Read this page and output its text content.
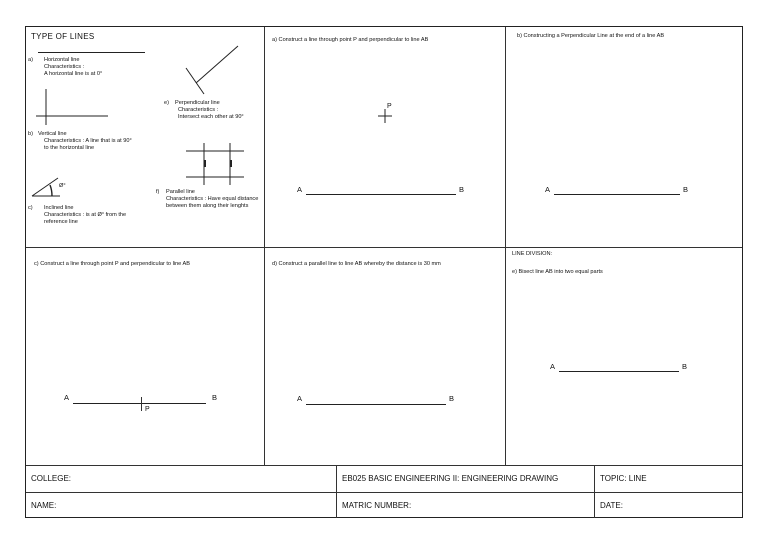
TYPE OF LINES
a) Horizontal line
Characteristics :
A horizontal line is at 0°
b) Vertical line
Characteristics : A line that is at 90° to the horizontal line
Ø°
c) Inclined line
Characteristics : is at Ø° from the reference line
e) Perpendicular line
Characteristics :
Intersect each other at 90°
f) Parallel line
Characteristics : Have equal distance between them along their lenghts
a) Construct a line through point P and perpendicular to line AB
P
A	B
b) Constructing a Perpendicular Line at the end of a line AB
A	B
c) Construct a line through point P and perpendicular to line AB
A	B
P
d) Construct a parallel line to line AB whereby the distance is 30 mm
A	B
LINE DIVISION:
e) Bisect line AB into two equal parts
A	B
COLLEGE:	EB025 BASIC ENGINEERING II: ENGINEERING DRAWING	TOPIC: LINE
NAME:	MATRIC NUMBER:	DATE:
